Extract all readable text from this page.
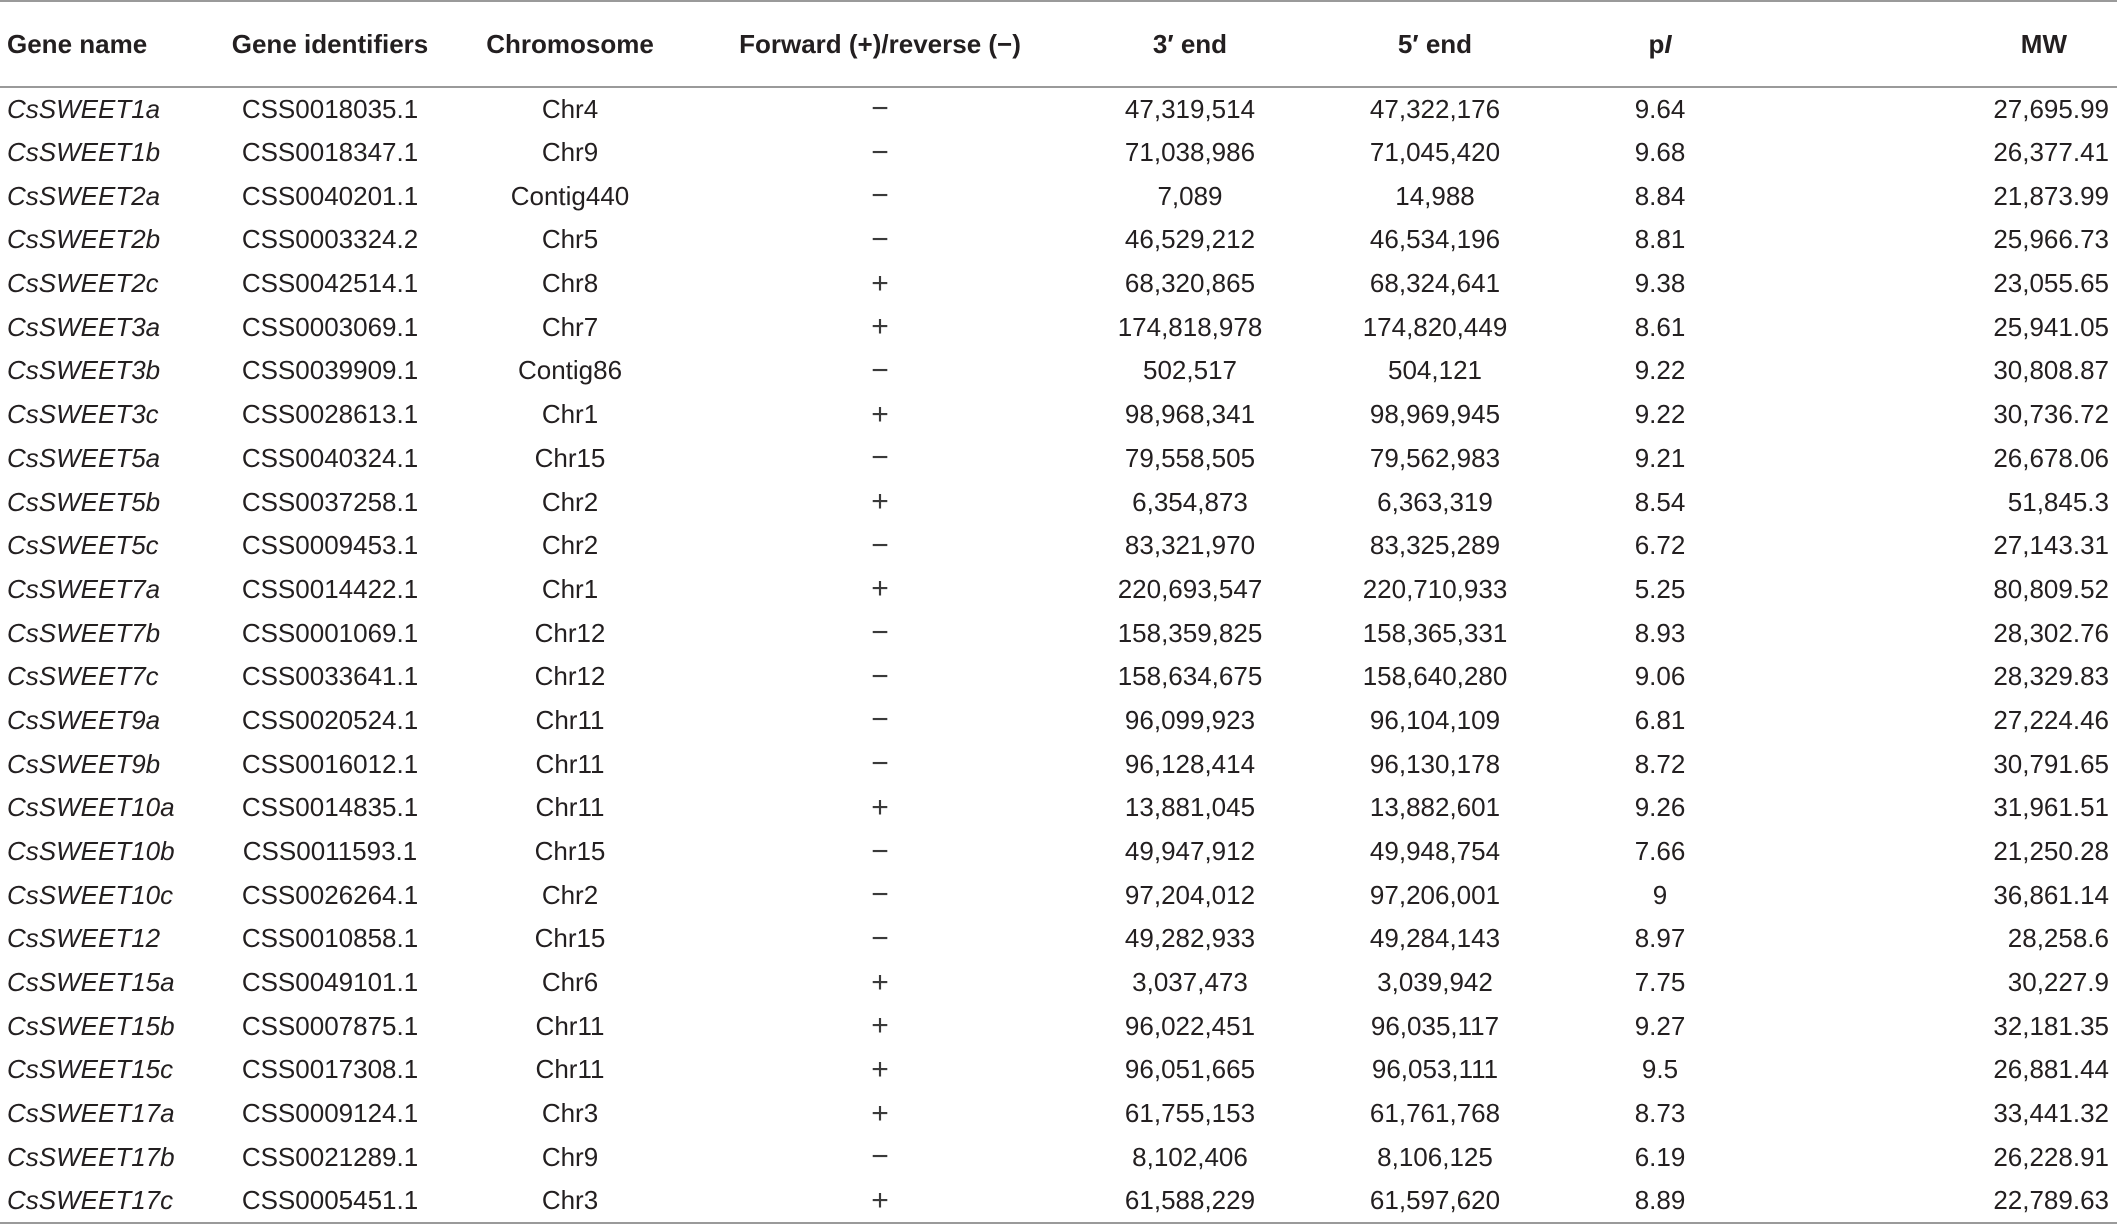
Gene name	Gene identifiers	Chromosome	Forward (+)/reverse (−)	3′ end	5′ end	pI	MW
CsSWEET1a	CSS0018035.1	Chr4	−	47,319,514	47,322,176	9.64	27,695.99
CsSWEET1b	CSS0018347.1	Chr9	−	71,038,986	71,045,420	9.68	26,377.41
CsSWEET2a	CSS0040201.1	Contig440	−	7,089	14,988	8.84	21,873.99
CsSWEET2b	CSS0003324.2	Chr5	−	46,529,212	46,534,196	8.81	25,966.73
CsSWEET2c	CSS0042514.1	Chr8	+	68,320,865	68,324,641	9.38	23,055.65
CsSWEET3a	CSS0003069.1	Chr7	+	174,818,978	174,820,449	8.61	25,941.05
CsSWEET3b	CSS0039909.1	Contig86	−	502,517	504,121	9.22	30,808.87
CsSWEET3c	CSS0028613.1	Chr1	+	98,968,341	98,969,945	9.22	30,736.72
CsSWEET5a	CSS0040324.1	Chr15	−	79,558,505	79,562,983	9.21	26,678.06
CsSWEET5b	CSS0037258.1	Chr2	+	6,354,873	6,363,319	8.54	51,845.3
CsSWEET5c	CSS0009453.1	Chr2	−	83,321,970	83,325,289	6.72	27,143.31
CsSWEET7a	CSS0014422.1	Chr1	+	220,693,547	220,710,933	5.25	80,809.52
CsSWEET7b	CSS0001069.1	Chr12	−	158,359,825	158,365,331	8.93	28,302.76
CsSWEET7c	CSS0033641.1	Chr12	−	158,634,675	158,640,280	9.06	28,329.83
CsSWEET9a	CSS0020524.1	Chr11	−	96,099,923	96,104,109	6.81	27,224.46
CsSWEET9b	CSS0016012.1	Chr11	−	96,128,414	96,130,178	8.72	30,791.65
CsSWEET10a	CSS0014835.1	Chr11	+	13,881,045	13,882,601	9.26	31,961.51
CsSWEET10b	CSS0011593.1	Chr15	−	49,947,912	49,948,754	7.66	21,250.28
CsSWEET10c	CSS0026264.1	Chr2	−	97,204,012	97,206,001	9	36,861.14
CsSWEET12	CSS0010858.1	Chr15	−	49,282,933	49,284,143	8.97	28,258.6
CsSWEET15a	CSS0049101.1	Chr6	+	3,037,473	3,039,942	7.75	30,227.9
CsSWEET15b	CSS0007875.1	Chr11	+	96,022,451	96,035,117	9.27	32,181.35
CsSWEET15c	CSS0017308.1	Chr11	+	96,051,665	96,053,111	9.5	26,881.44
CsSWEET17a	CSS0009124.1	Chr3	+	61,755,153	61,761,768	8.73	33,441.32
CsSWEET17b	CSS0021289.1	Chr9	−	8,102,406	8,106,125	6.19	26,228.91
CsSWEET17c	CSS0005451.1	Chr3	+	61,588,229	61,597,620	8.89	22,789.63
